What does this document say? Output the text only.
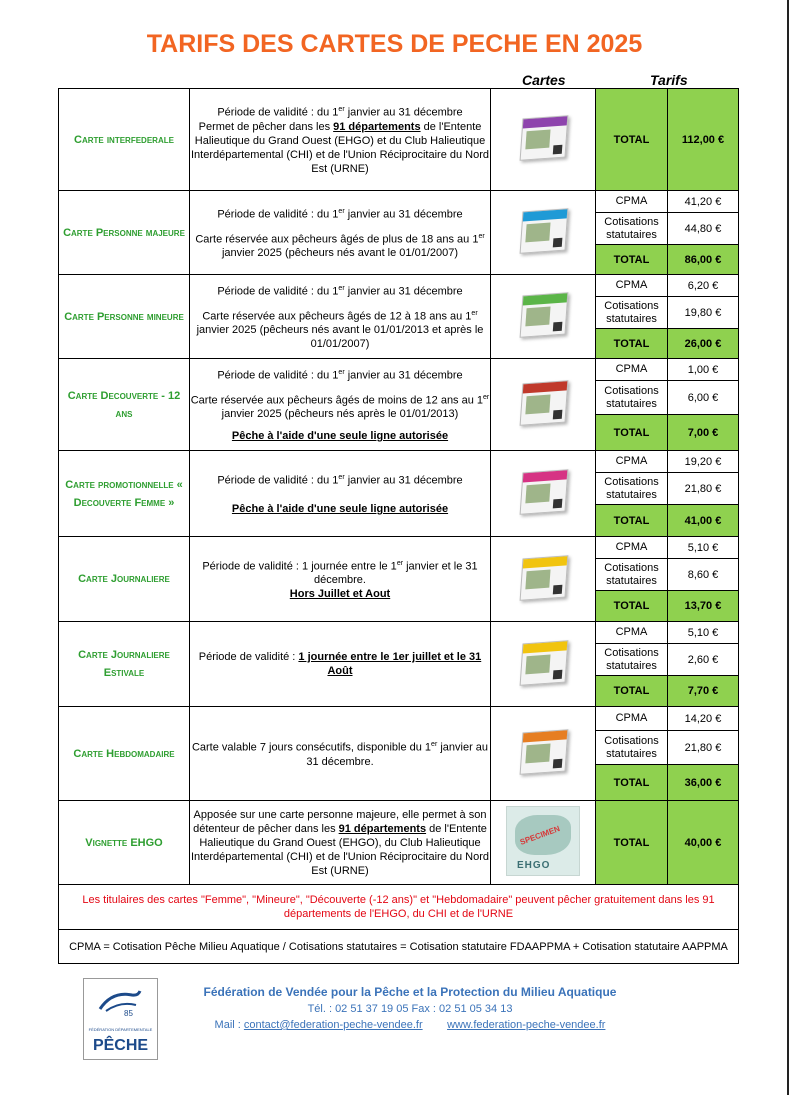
TARIFS DES CARTES DE PECHE EN 2025
Cartes	Tarifs
Carte interfederale	Période de validité : du 1er janvier au 31 décembre

Permet de pêcher dans les 91 départements de l'Entente Halieutique du Grand Ouest (EHGO) et du Club Halieutique Interdépartemental (CHI) et de l'Union Réciprocitaire du Nord Est (URNE)		TOTAL	112,00 €
Carte Personne majeure	Période de validité : du 1er janvier au 31 décembre

Carte réservée aux pêcheurs âgés de plus de 18 ans au 1er janvier 2025 (pêcheurs nés avant le 01/01/2007)		CPMA	41,20 €
			Cotisations statutaires	44,80 €
			TOTAL	86,00 €
Carte Personne mineure	Période de validité : du 1er janvier au 31 décembre

Carte réservée aux pêcheurs âgés de 12 à 18 ans au 1er janvier 2025 (pêcheurs nés avant le 01/01/2013 et après le 01/01/2007)		CPMA	6,20 €
			Cotisations statutaires	19,80 €
			TOTAL	26,00 €
Carte Decouverte - 12 ans	Période de validité : du 1er janvier au 31 décembre

Carte réservée aux pêcheurs âgés de moins de 12 ans au 1er janvier 2025 (pêcheurs nés après le 01/01/2013)

Pêche à l'aide d'une seule ligne autorisée		CPMA	1,00 €
			Cotisations statutaires	6,00 €
			TOTAL	7,00 €
Carte promotionnelle « Decouverte Femme »	Période de validité : du 1er janvier au 31 décembre

Pêche à l'aide d'une seule ligne autorisée		CPMA	19,20 €
			Cotisations statutaires	21,80 €
			TOTAL	41,00 €
Carte Journaliere	Période de validité : 1 journée entre le 1er janvier et le 31 décembre.

Hors Juillet et Aout		CPMA	5,10 €
			Cotisations statutaires	8,60 €
			TOTAL	13,70 €
Carte Journaliere Estivale	Période de validité : 1 journée entre le 1er juillet et le 31 Août		CPMA	5,10 €
			Cotisations statutaires	2,60 €
			TOTAL	7,70 €
Carte Hebdomadaire	Carte valable 7 jours consécutifs, disponible du 1er janvier au 31 décembre.		CPMA	14,20 €
			Cotisations statutaires	21,80 €
			TOTAL	36,00 €
Vignette EHGO	Apposée sur une carte personne majeure, elle permet à son détenteur de pêcher dans les 91 départements de l'Entente Halieutique du Grand Ouest (EHGO), du Club Halieutique Interdépartemental (CHI) et de l'Union Réciprocitaire du Nord Est (URNE)	SPECIMEN
EHGO	TOTAL	40,00 €
Les titulaires des cartes "Femme", "Mineure", "Découverte (-12 ans)" et "Hebdomadaire" peuvent pêcher gratuitement dans les 91 départements de l'EHGO, du CHI et de l'URNE				
CPMA = Cotisation Pêche Milieu Aquatique / Cotisations statutaires = Cotisation statutaire FDAAPPMA + Cotisation statutaire AAPPMA				
85
FÉDÉRATION DÉPARTEMENTALE
PÊCHE
Fédération de Vendée pour la Pêche et la Protection du Milieu Aquatique
Tél. : 02 51 37 19 05 Fax : 02 51 05 34 13
Mail : contact@federation-peche-vendee.fr www.federation-peche-vendee.fr
